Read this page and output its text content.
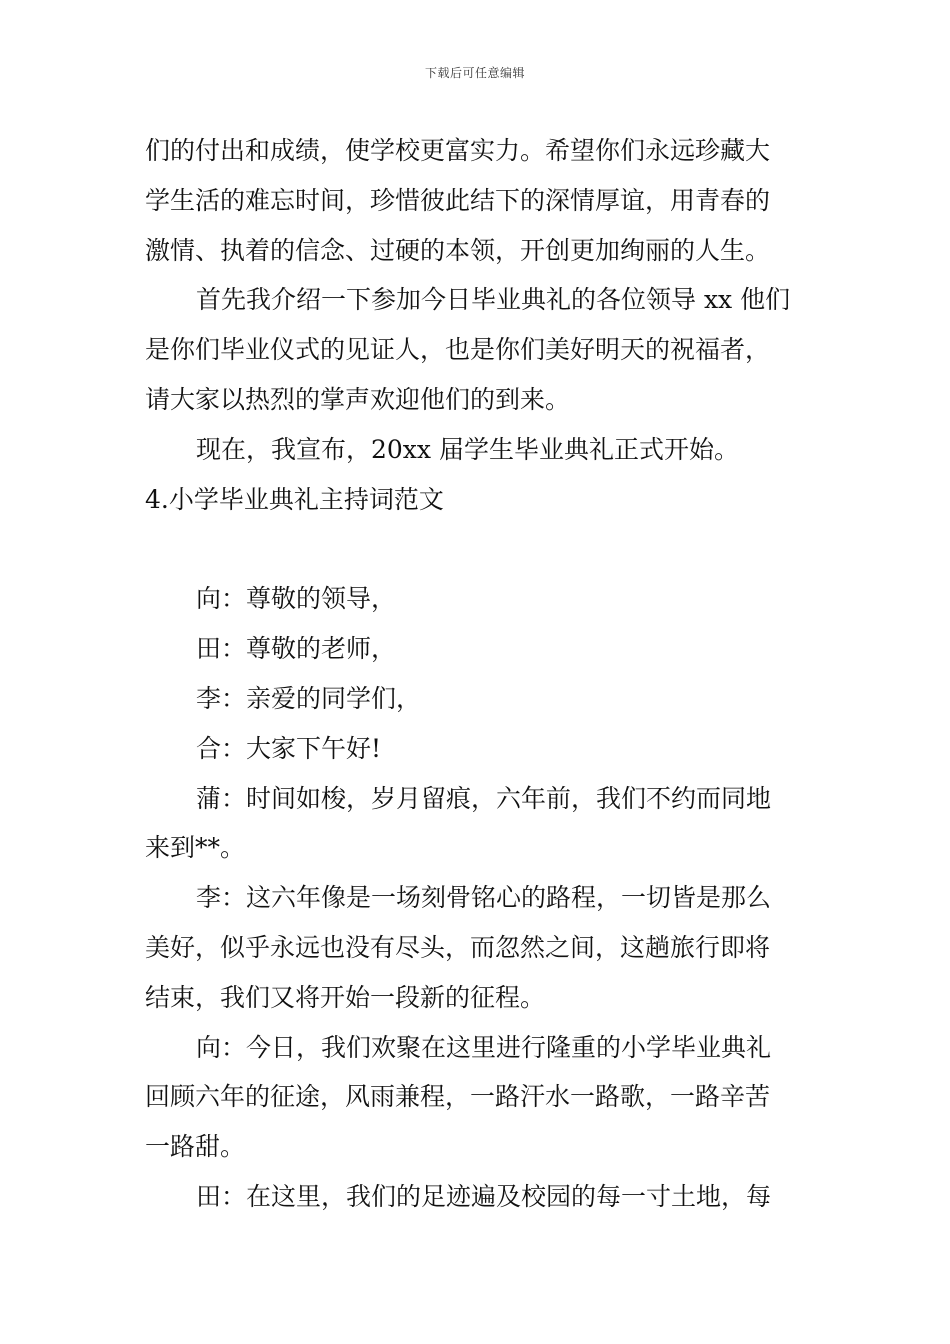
下载后可任意编辑
们的付出和成绩，使学校更富实力。希望你们永远珍藏大
学生活的难忘时间，珍惜彼此结下的深情厚谊，用青春的
激情、执着的信念、过硬的本领，开创更加绚丽的人生。
首先我介绍一下参加今日毕业典礼的各位领导 xx 他们
是你们毕业仪式的见证人，也是你们美好明天的祝福者，
请大家以热烈的掌声欢迎他们的到来。
现在，我宣布，20xx 届学生毕业典礼正式开始。
4.小学毕业典礼主持词范文
向：尊敬的领导，
田：尊敬的老师，
李：亲爱的同学们，
合：大家下午好!
蒲：时间如梭，岁月留痕，六年前，我们不约而同地
来到**。
李：这六年像是一场刻骨铭心的路程，一切皆是那么
美好，似乎永远也没有尽头，而忽然之间，这趟旅行即将
结束，我们又将开始一段新的征程。
向：今日，我们欢聚在这里进行隆重的小学毕业典礼
回顾六年的征途，风雨兼程，一路汗水一路歌，一路辛苦
一路甜。
田：在这里，我们的足迹遍及校园的每一寸土地，每
